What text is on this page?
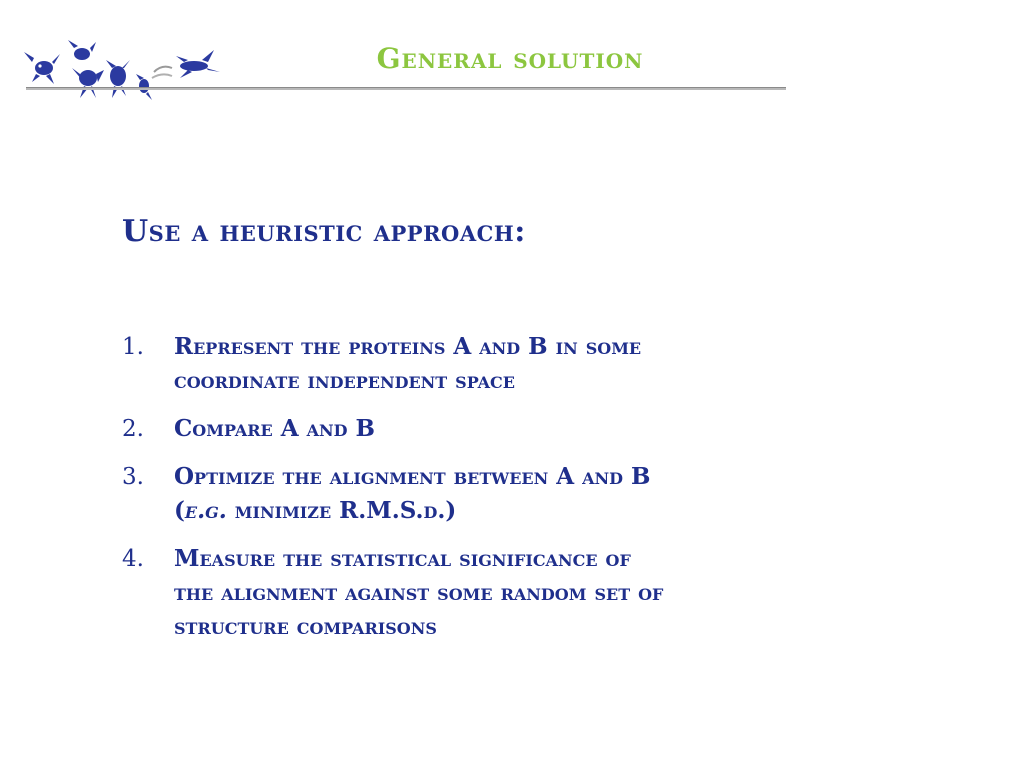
General solution
Use a heuristic approach:
1.	Represent the proteins A and B in some
coordinate independent space
2.	Compare A and B
3.	Optimize the alignment between A and B
(e.g. minimize R.M.S.d.)
4.	Measure the statistical significance of
the alignment against some random set of
structure comparisons
